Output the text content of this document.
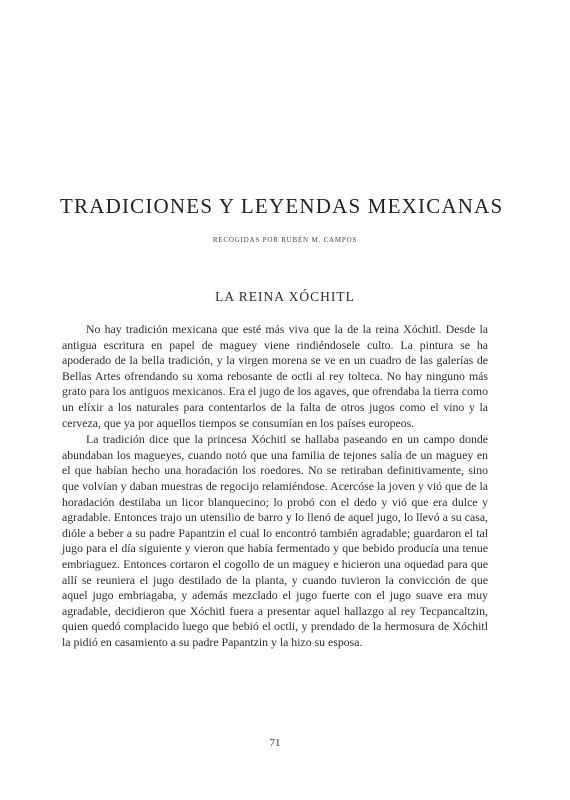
TRADICIONES Y LEYENDAS MEXICANAS
RECOGIDAS POR RUBÉN M. CAMPOS
LA REINA XÓCHITL

No hay tradición mexicana que esté más viva que la de la reina Xóchitl. Desde la antigua escritura en papel de maguey viene rindiéndosele culto. La pintura se ha apoderado de la bella tradición, y la virgen morena se ve en un cuadro de las galerías de Bellas Artes ofrendando su xoma rebosante de octli al rey tolteca. No hay ninguno más grato para los antiguos mexicanos. Era el jugo de los agaves, que ofrendaba la tierra como un elíxir a los naturales para contentarlos de la falta de otros jugos como el vino y la cerveza, que ya por aquellos tiempos se consumían en los países europeos.

La tradición dice que la princesa Xóchitl se hallaba paseando en un campo donde abundaban los magueyes, cuando notó que una familia de tejones salía de un maguey en el que habían hecho una horadación los roedores. No se retiraban definitivamente, sino que volvían y daban muestras de regocijo relamiéndose. Acercóse la joven y vió que de la horadación destilaba un licor blanquecino; lo probó con el dedo y vió que era dulce y agradable. Entonces trajo un utensilio de barro y lo llenó de aquel jugo, lo llevó a su casa, dióle a beber a su padre Papantzin el cual lo encontró también agradable; guardaron el tal jugo para el día siguiente y vieron que había fermentado y que bebido producía una tenue embriaguez. Entonces cortaron el cogollo de un maguey e hicieron una oquedad para que allí se reuniera el jugo destilado de la planta, y cuando tuvieron la convicción de que aquel jugo embriagaba, y además mezclado el jugo fuerte con el jugo suave era muy agradable, decidieron que Xóchitl fuera a presentar aquel hallazgo al rey Tecpancaltzin, quien quedó complacido luego que bebió el octli, y prendado de la hermosura de Xóchitl la pidió en casamiento a su padre Papantzin y la hizo su esposa.

71
